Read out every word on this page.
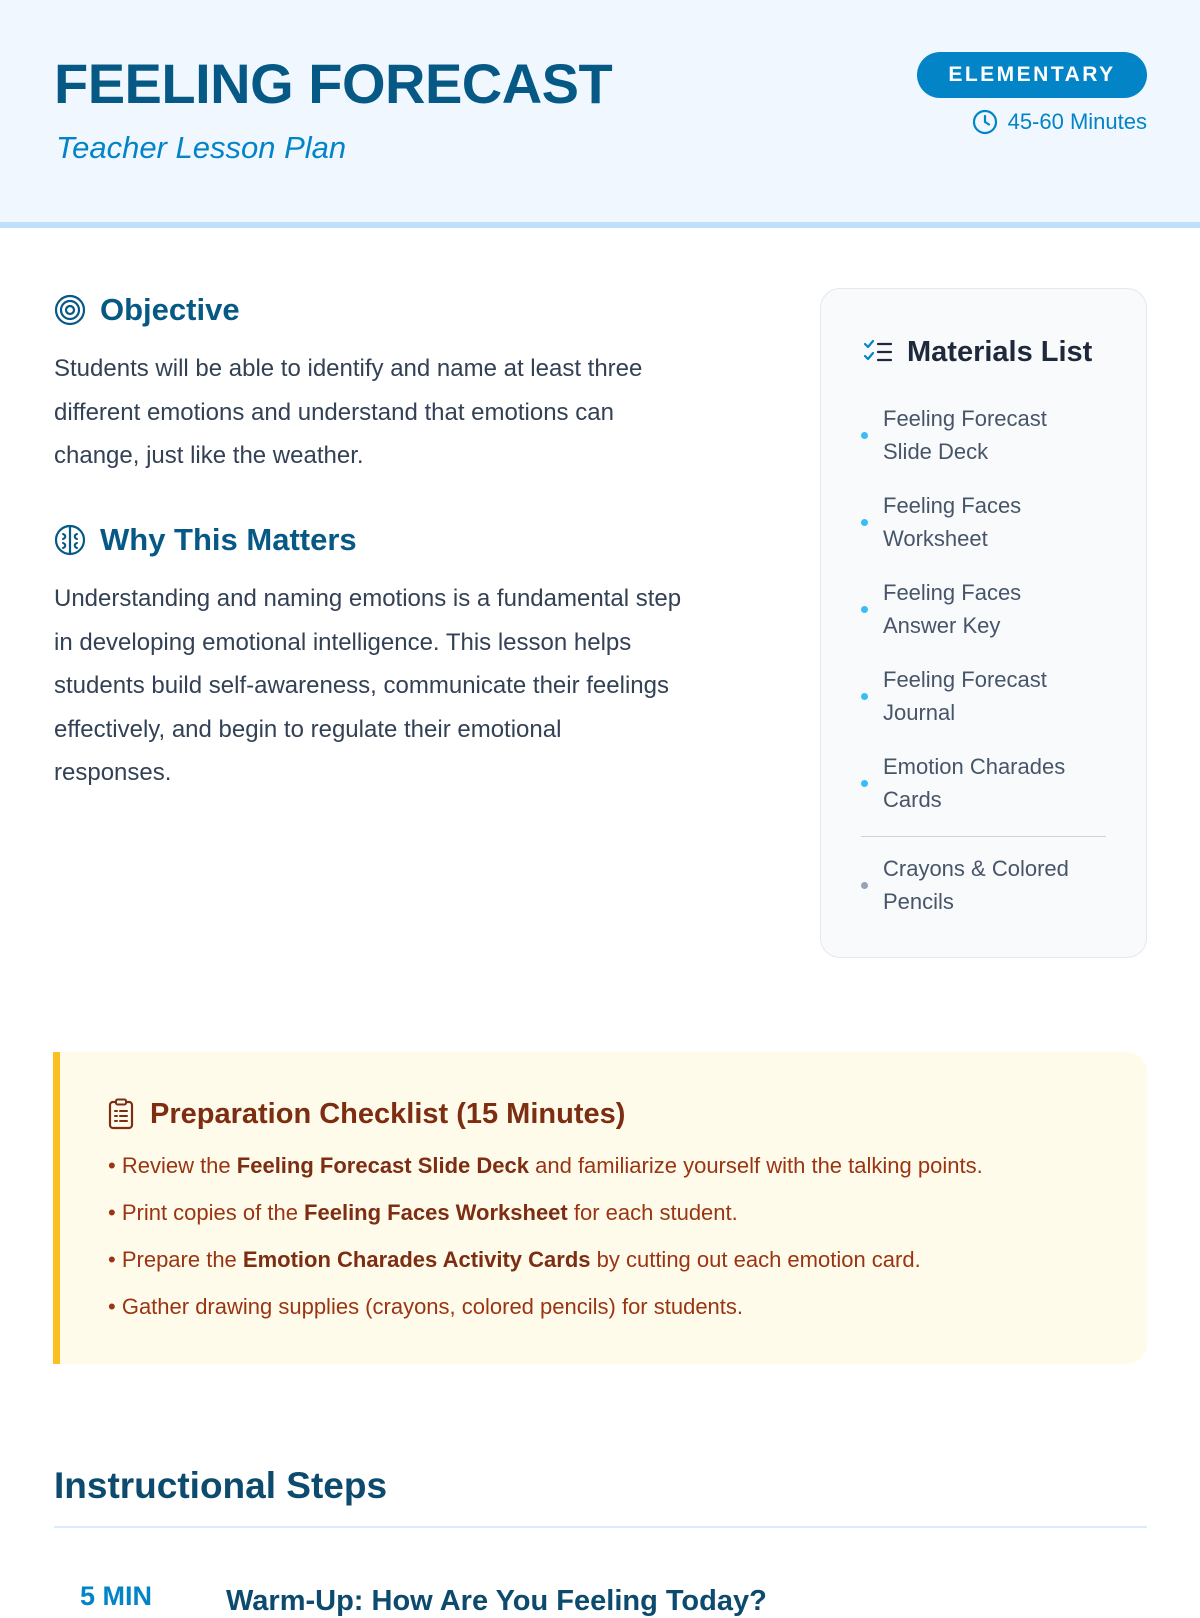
FEELING FORECAST
Teacher Lesson Plan
ELEMENTARY
45-60 Minutes
Objective
Students will be able to identify and name at least three
different emotions and understand that emotions can
change, just like the weather.
Why This Matters
Understanding and naming emotions is a fundamental step
in developing emotional intelligence. This lesson helps
students build self-awareness, communicate their feelings
effectively, and begin to regulate their emotional
responses.
Materials List
Feeling Forecast
Slide Deck
Feeling Faces
Worksheet
Feeling Faces
Answer Key
Feeling Forecast
Journal
Emotion Charades
Cards
Crayons & Colored
Pencils
Preparation Checklist (15 Minutes)
• Review the Feeling Forecast Slide Deck and familiarize yourself with the talking points.
• Print copies of the Feeling Faces Worksheet for each student.
• Prepare the Emotion Charades Activity Cards by cutting out each emotion card.
• Gather drawing supplies (crayons, colored pencils) for students.
Instructional Steps
5 MIN	Warm-Up: How Are You Feeling Today?
